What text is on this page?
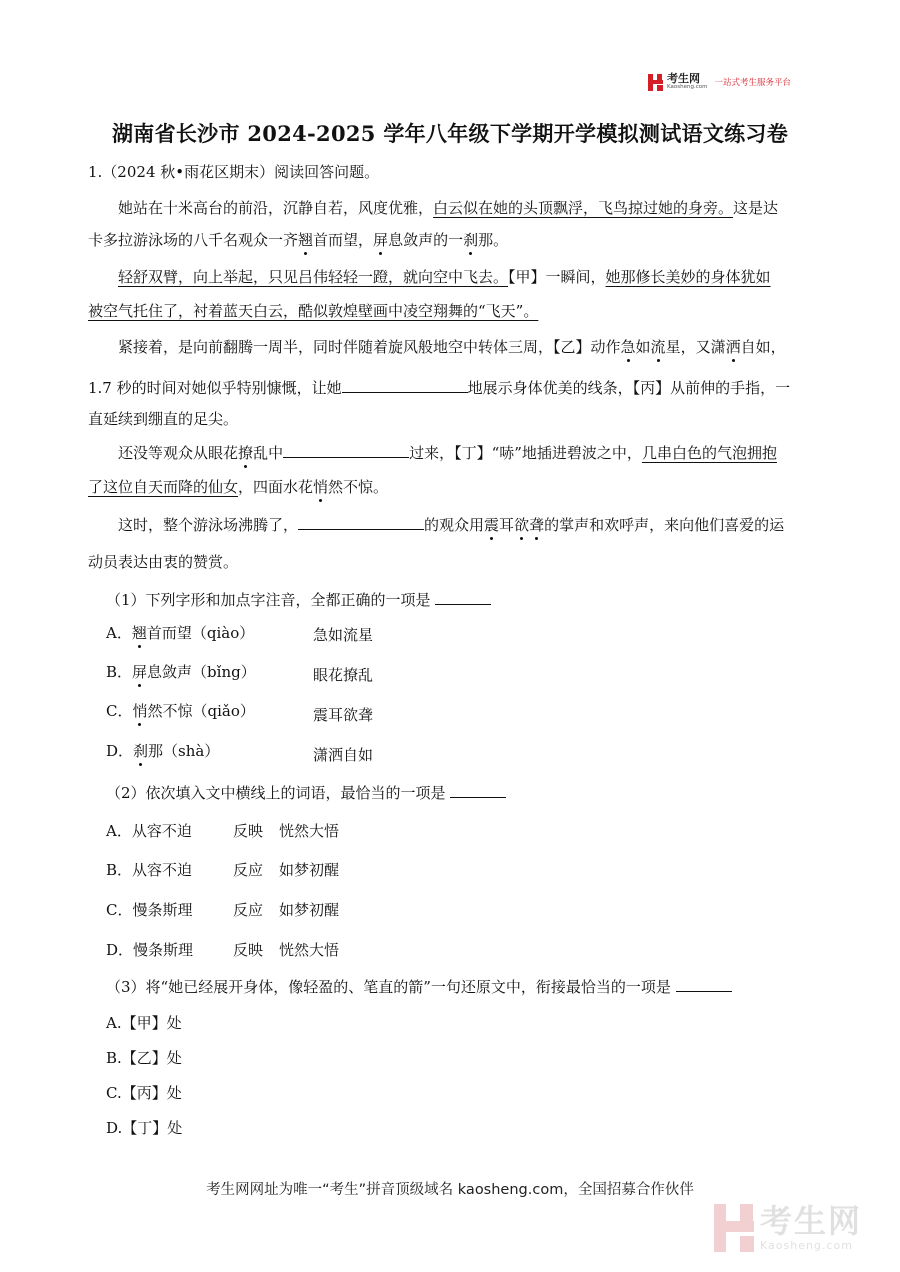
考生网
Kaosheng.com 一站式考生服务平台
湖南省长沙市 2024-2025 学年八年级下学期开学模拟测试语文练习卷
1.（2024 秋•雨花区期末）阅读回答问题。
她站在十米高台的前沿，沉静自若，风度优雅，白云似在她的头顶飘浮，飞鸟掠过她的身旁。这是达
卡多拉游泳场的八千名观众一齐翘首而望，屏息敛声的一刹那。
轻舒双臂，向上举起，只见吕伟轻轻一蹬，就向空中飞去。【甲】一瞬间，她那修长美妙的身体犹如
被空气托住了，衬着蓝天白云，酷似敦煌壁画中凌空翔舞的“飞天”。
紧接着，是向前翻腾一周半，同时伴随着旋风般地空中转体三周，【乙】动作急如流星，又潇洒自如，
1.7 秒的时间对她似乎特别慷慨，让她	地展示身体优美的线条，【丙】从前伸的手指，一
直延续到绷直的足尖。
还没等观众从眼花撩乱中	过来，【丁】“哧”地插进碧波之中，几串白色的气泡拥抱
了这位自天而降的仙女，四面水花悄然不惊。
这时，整个游泳场沸腾了，	的观众用震耳欲聋的掌声和欢呼声，来向他们喜爱的运
动员表达由衷的赞赏。
（1）下列字形和加点字注音，全都正确的一项是
A．翘首而望（qiào）	急如流星
B．屏息敛声（bǐng）	眼花撩乱
C．悄然不惊（qiǎo）	震耳欲聋
D．刹那（shà）	潇洒自如
（2）依次填入文中横线上的词语，最恰当的一项是
A．从容不迫	反映 恍然大悟
B．从容不迫	反应 如梦初醒
C．慢条斯理	反应 如梦初醒
D．慢条斯理	反映 恍然大悟
（3）将“她已经展开身体，像轻盈的、笔直的箭”一句还原文中，衔接最恰当的一项是
A.【甲】处
B.【乙】处
C.【丙】处
D.【丁】处
考生网网址为唯一“考生”拼音顶级域名 kaosheng.com，全国招募合作伙伴
考生网
Kaosheng.com
